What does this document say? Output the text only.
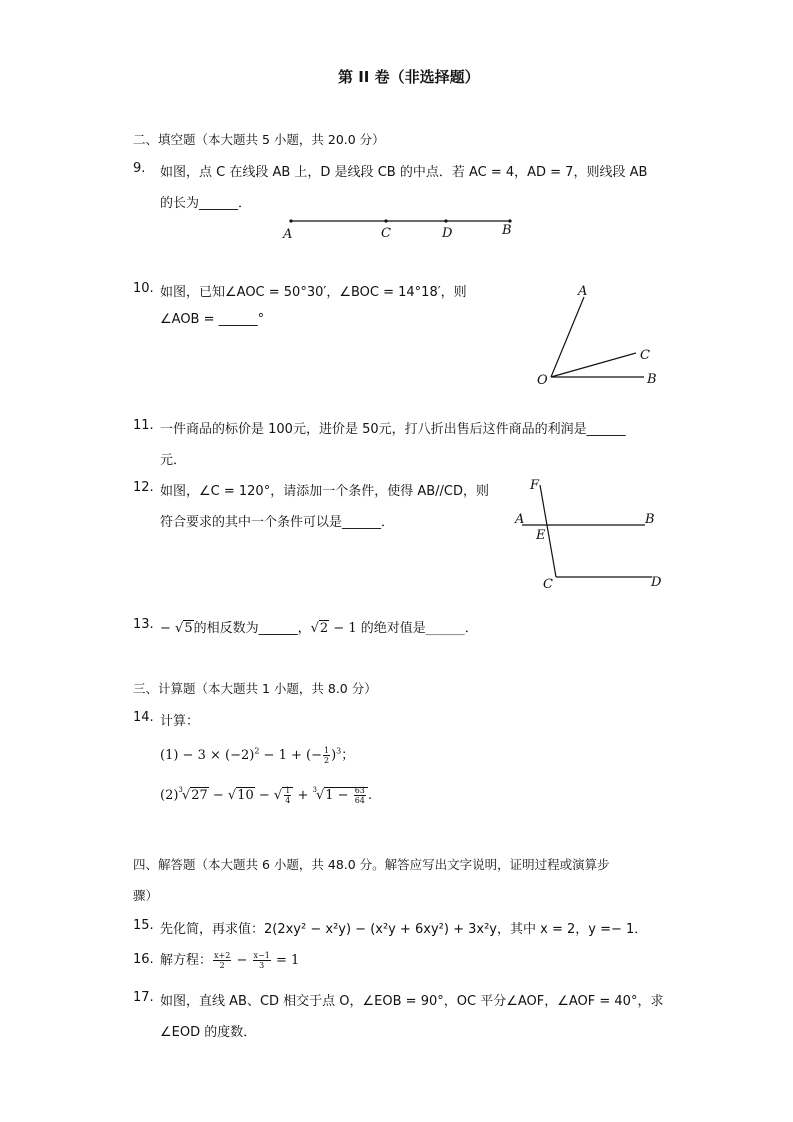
第 II 卷（非选择题）
二、填空题（本大题共 5 小题，共 20.0 分）
9. 如图，点 C 在线段 AB 上，D 是线段 CB 的中点．若 AC = 4，AD = 7，则线段 AB
的长为______．
A	C	D	B
A
C
O	B
F
A	B
E
C	D
10. 如图，已知∠AOC = 50°30′，∠BOC = 14°18′，则
∠AOB = ______°
11. 一件商品的标价是 100元，进价是 50元，打八折出售后这件商品的利润是______
元．
12. 如图，∠C = 120°，请添加一个条件，使得 AB//CD，则
符合要求的其中一个条件可以是______．
13. − √5的相反数为______，√2 − 1 的绝对值是______．
三、计算题（本大题共 1 小题，共 8.0 分）
14. 计算：
$(1) - 3 \times (-2)^2 - 1$ + (− $\frac{1}{2} )^3$；
$(2)^3√27 - √10$ − √ $\frac{1}{4} + ^3√1 - \frac{63}{64}$ .
四、解答题（本大题共 6 小题，共 48.0 分。解答应写出文字说明，证明过程或演算步
骤）
15. 先化简，再求值：2(2xy² − x²y) − (x²y + 6xy²) + 3x²y，其中 x = 2，y =− 1．
16. 解方程： $\frac{x+2}{2} - \frac{x-1}{3} = 1$
17. 如图，直线 AB、CD 相交于点 O，∠EOB = 90°，OC 平分∠AOF，∠AOF = 40°，求
∠EOD 的度数．
